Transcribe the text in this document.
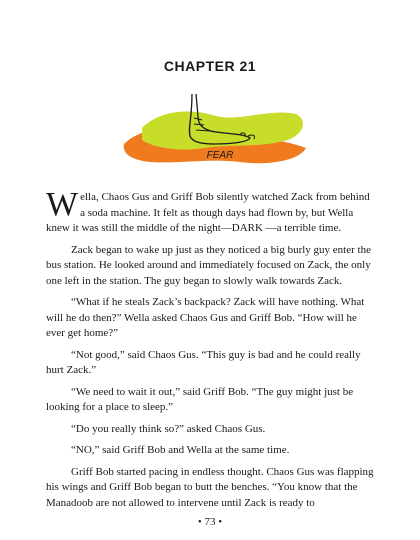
CHAPTER 21
FEAR

Wella, Chaos Gus and Griff Bob silently watched Zack from behind a soda machine. It felt as though days had flown by, but Wella knew it was still the middle of the night—DARK —a terrible time.

Zack began to wake up just as they noticed a big burly guy enter the bus station. He looked around and immediately focused on Zack, the only one left in the station. The guy began to slowly walk towards Zack.

“What if he steals Zack’s backpack? Zack will have nothing. What will he do then?” Wella asked Chaos Gus and Griff Bob. “How will he ever get home?”

“Not good,” said Chaos Gus. “This guy is bad and he could really hurt Zack.”

“We need to wait it out,” said Griff Bob. “The guy might just be looking for a place to sleep.”

“Do you really think so?” asked Chaos Gus.

“NO,” said Griff Bob and Wella at the same time.

Griff Bob started pacing in endless thought. Chaos Gus was flapping his wings and Griff Bob began to butt the benches. “You know that the Manadoob are not allowed to intervene until Zack is ready to

• 73 •
